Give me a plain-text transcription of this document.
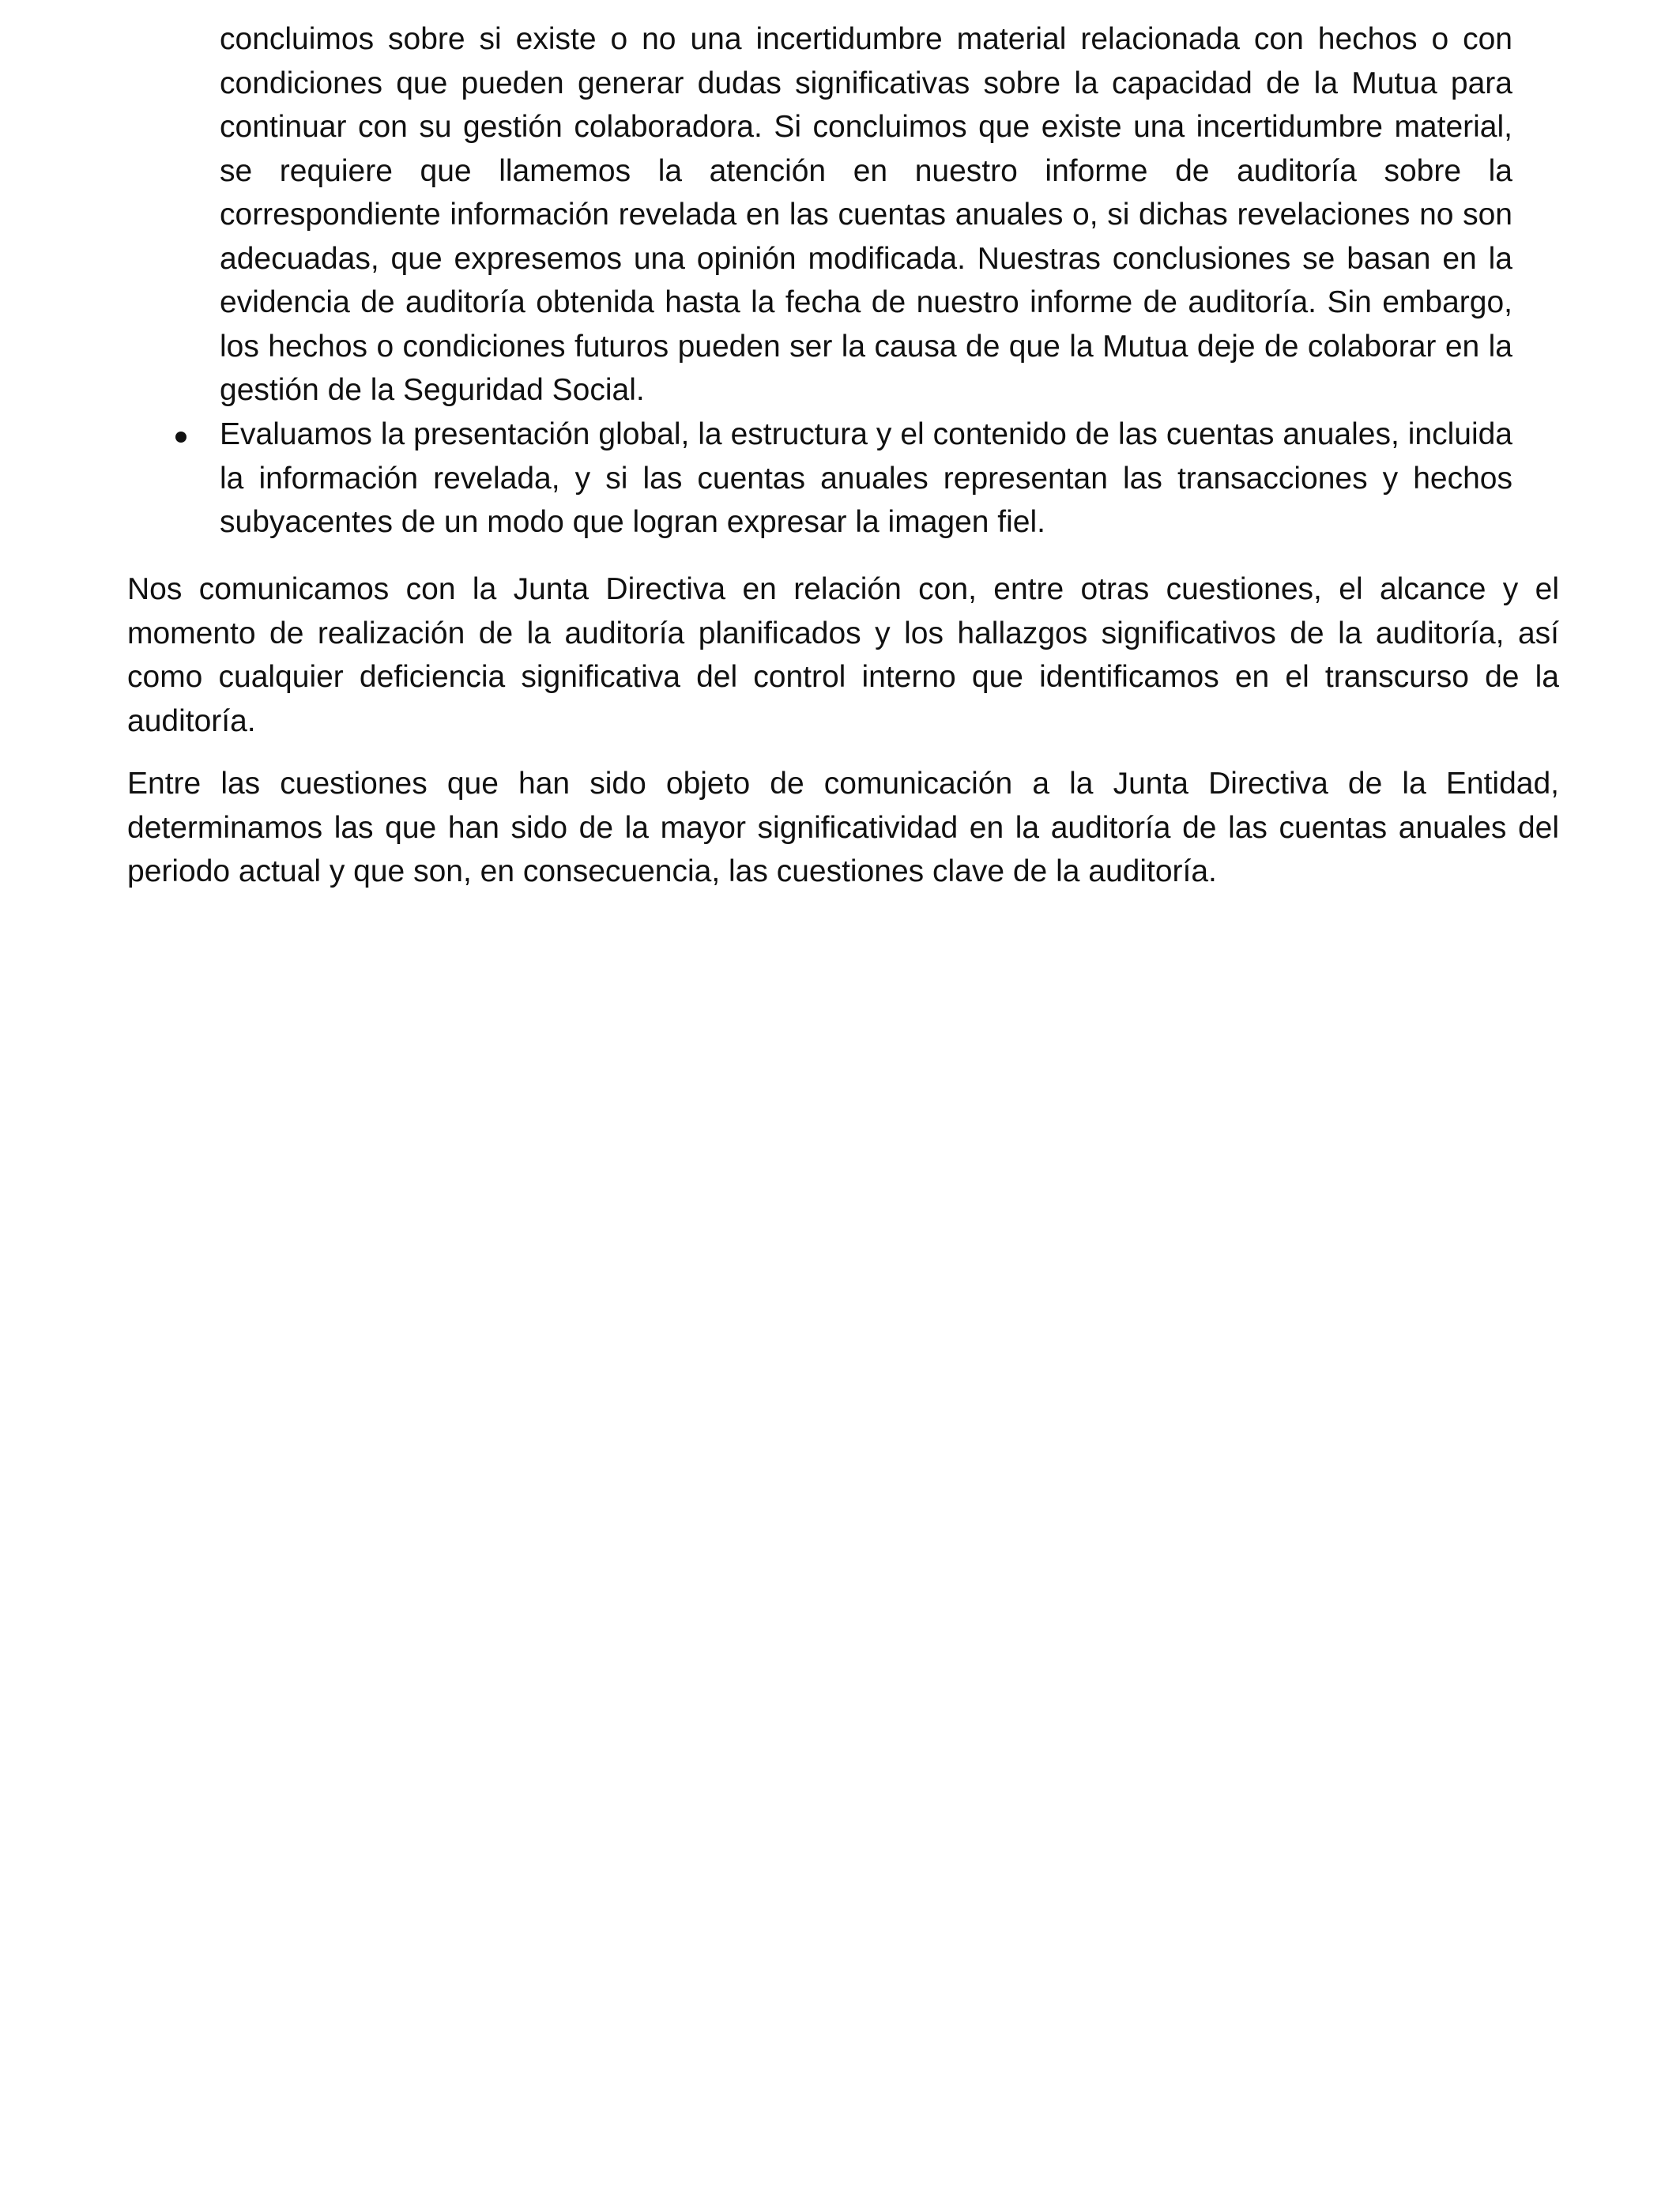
concluimos sobre si existe o no una incertidumbre material relacionada con hechos o con condiciones que pueden generar dudas significativas sobre la capacidad de la Mutua para continuar con su gestión colaboradora. Si concluimos que existe una incertidumbre material, se requiere que llamemos la atención en nuestro informe de auditoría sobre la correspondiente información revelada en las cuentas anuales o, si dichas revelaciones no son adecuadas, que expresemos una opinión modificada. Nuestras conclusiones se basan en la evidencia de auditoría obtenida hasta la fecha de nuestro informe de auditoría. Sin embargo, los hechos o condiciones futuros pueden ser la causa de que la Mutua deje de colaborar en la gestión de la Seguridad Social.

Evaluamos la presentación global, la estructura y el contenido de las cuentas anuales, incluida la información revelada, y si las cuentas anuales representan las transacciones y hechos subyacentes de un modo que logran expresar la imagen fiel.

Nos comunicamos con la Junta Directiva en relación con, entre otras cuestiones, el alcance y el momento de realización de la auditoría planificados y los hallazgos significativos de la auditoría, así como cualquier deficiencia significativa del control interno que identificamos en el transcurso de la auditoría.

Entre las cuestiones que han sido objeto de comunicación a la Junta Directiva de la Entidad, determinamos las que han sido de la mayor significatividad en la auditoría de las cuentas anuales del periodo actual y que son, en consecuencia, las cuestiones clave de la auditoría.
